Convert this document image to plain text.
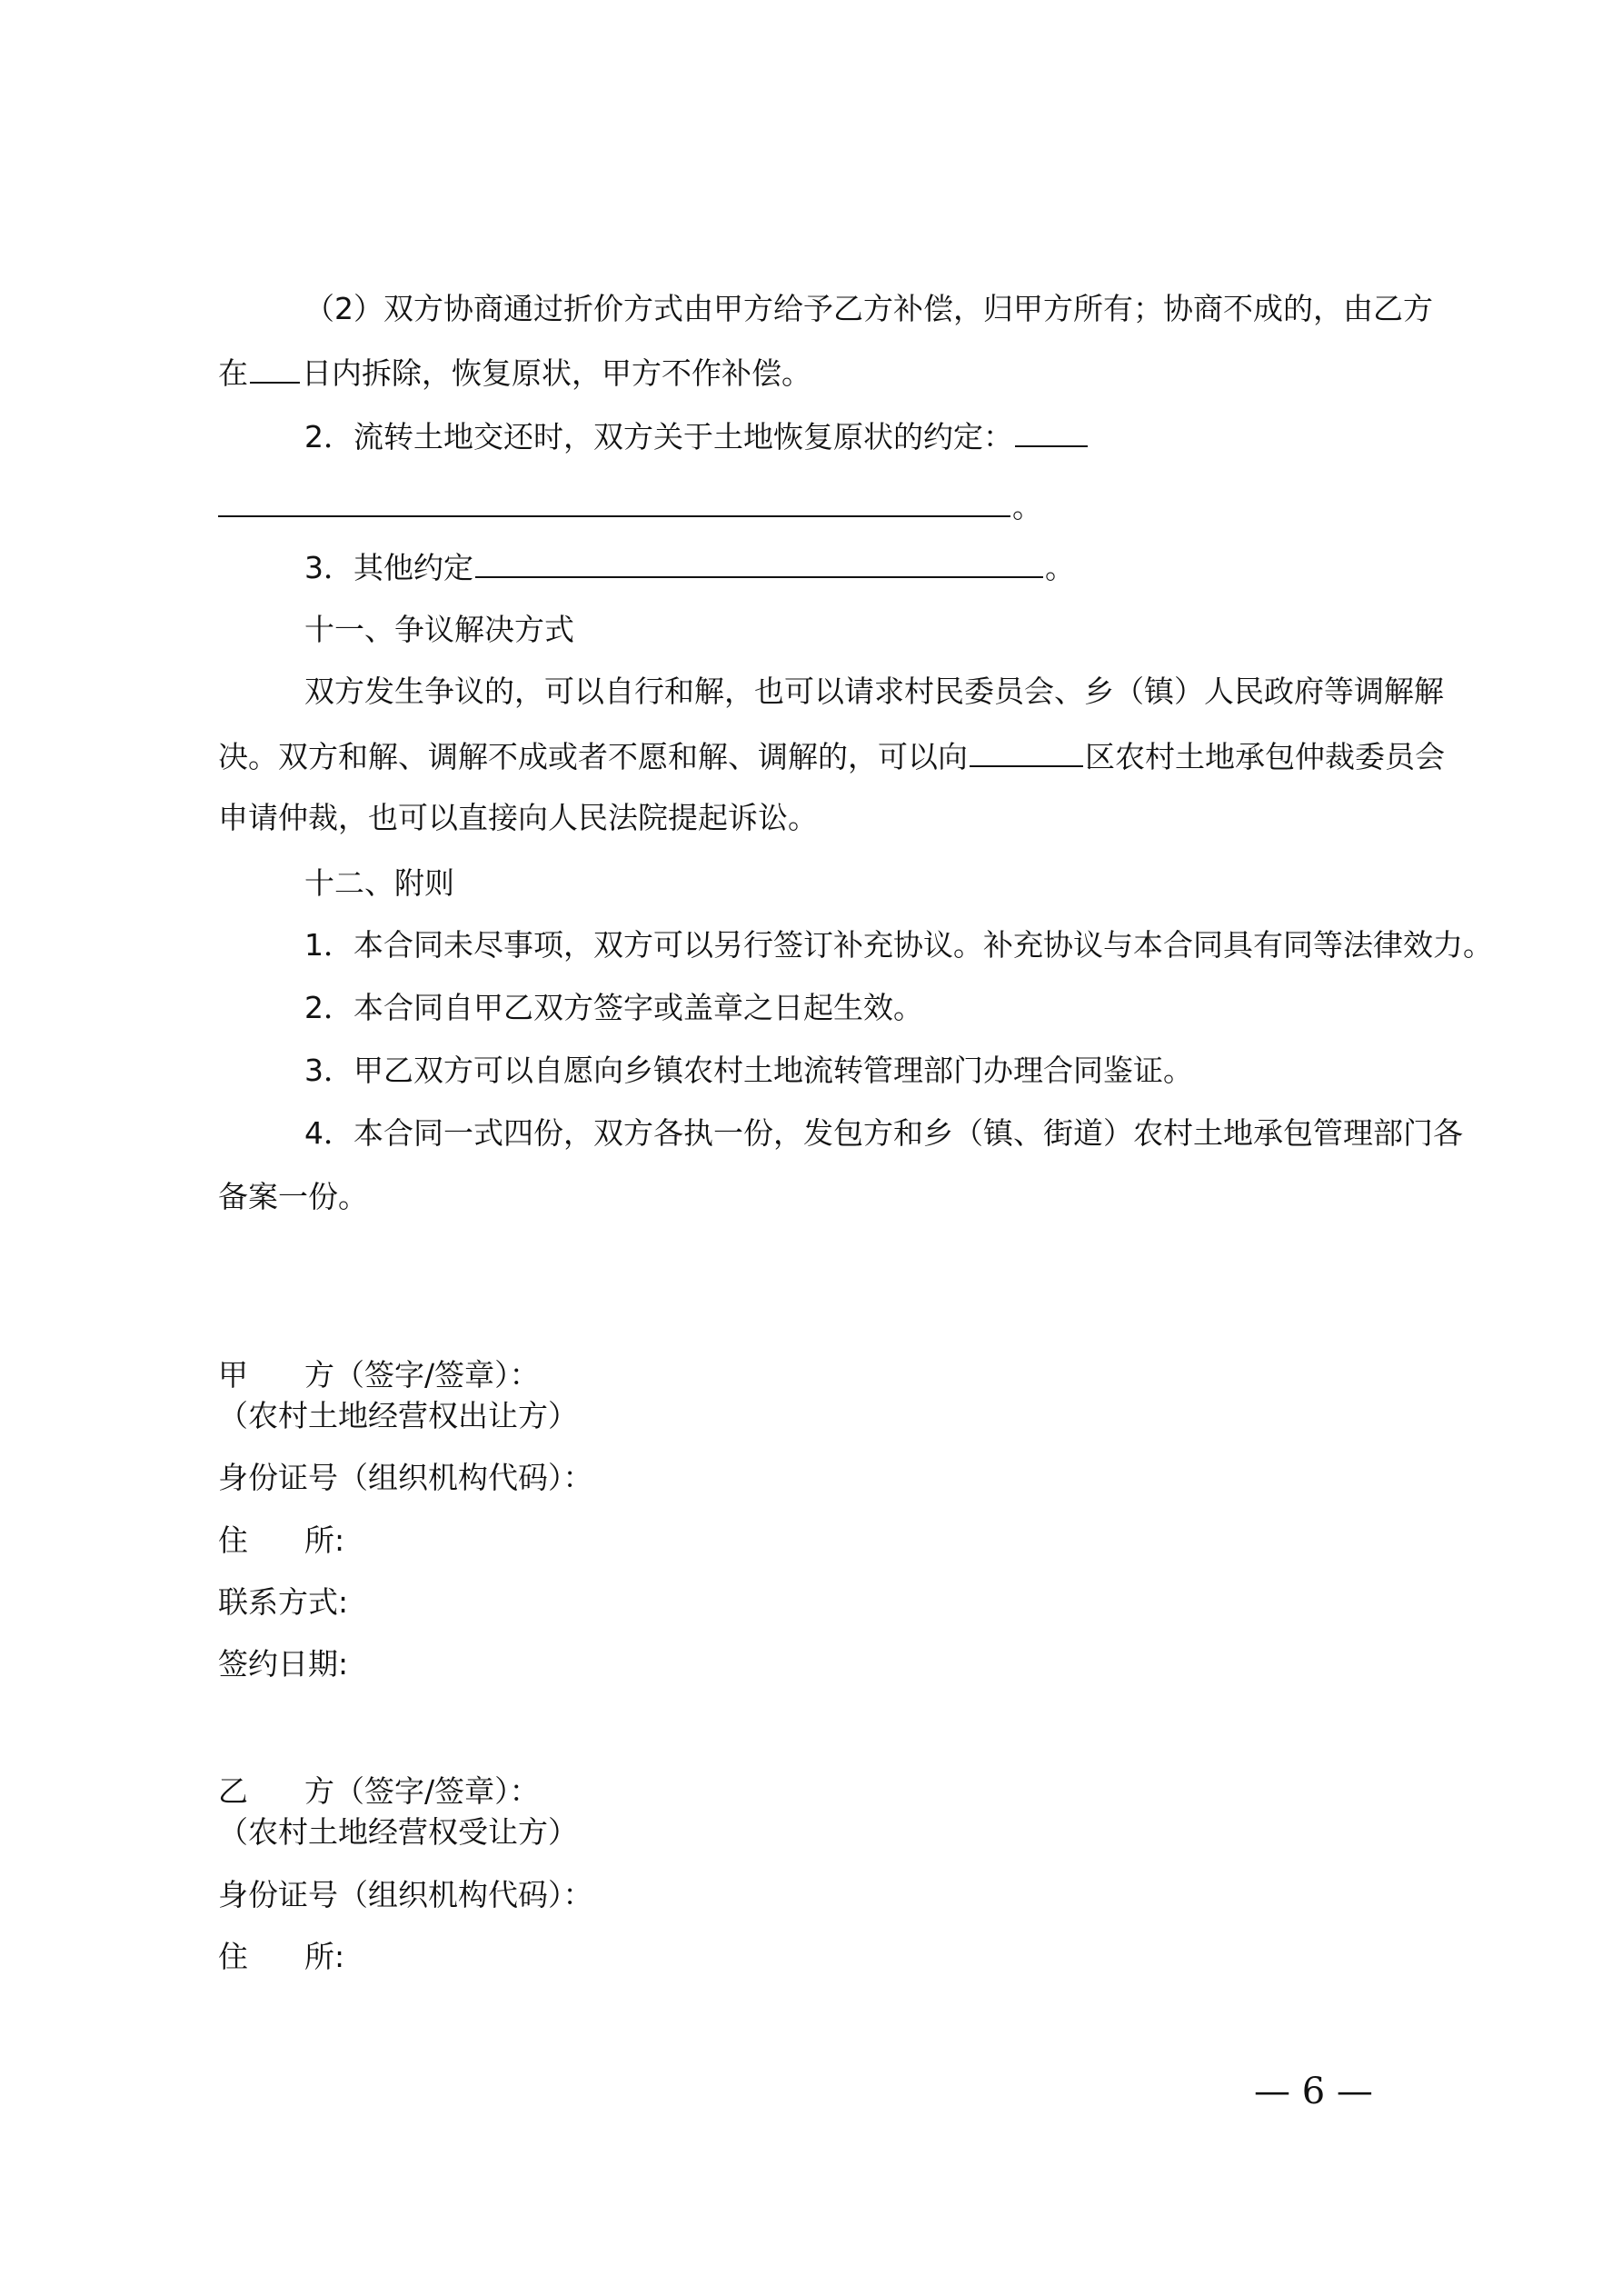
（2）双方协商通过折价方式由甲方给予乙方补偿，归甲方所有；协商不成的，由乙方
在 日内拆除，恢复原状，甲方不作补偿。
2．流转土地交还时，双方关于土地恢复原状的约定：
。
3．其他约定	。
十一、争议解决方式
双方发生争议的，可以自行和解，也可以请求村民委员会、乡（镇）人民政府等调解解
决。双方和解、调解不成或者不愿和解、调解的，可以向	区农村土地承包仲裁委员会
申请仲裁，也可以直接向人民法院提起诉讼。
十二、附则
1．本合同未尽事项，双方可以另行签订补充协议。补充协议与本合同具有同等法律效力。
2．本合同自甲乙双方签字或盖章之日起生效。
3．甲乙双方可以自愿向乡镇农村土地流转管理部门办理合同鉴证。
4．本合同一式四份，双方各执一份，发包方和乡（镇、街道）农村土地承包管理部门各
备案一份。
甲 方（签字/签章）：
（农村土地经营权出让方）
身份证号（组织机构代码）：
住 所:
联系方式:
签约日期:
乙 方（签字/签章）：
（农村土地经营权受让方）
身份证号（组织机构代码）：
住 所:
— 6 —
